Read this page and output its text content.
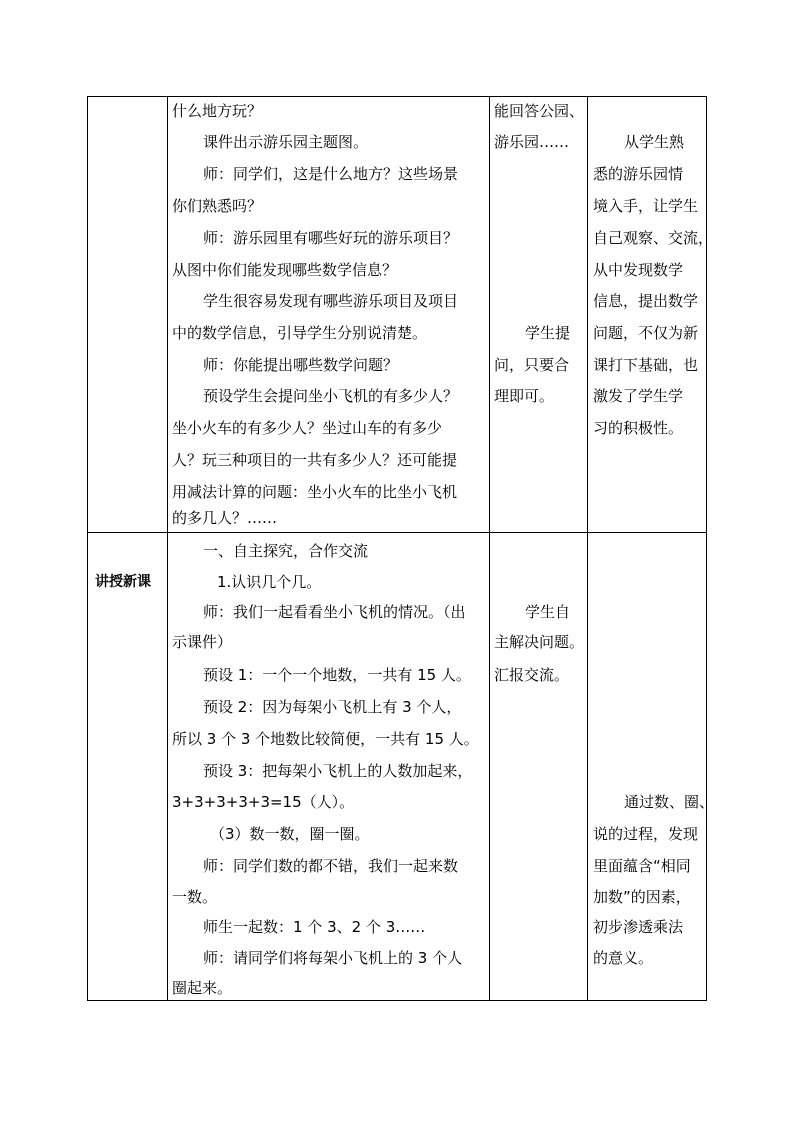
什么地方玩？
课件出示游乐园主题图。
师：同学们，这是什么地方？这些场景
你们熟悉吗？
师：游乐园里有哪些好玩的游乐项目？
从图中你们能发现哪些数学信息？
学生很容易发现有哪些游乐项目及项目
中的数学信息，引导学生分别说清楚。
师：你能提出哪些数学问题？
预设学生会提问坐小飞机的有多少人？
坐小火车的有多少人？坐过山车的有多少
人？玩三种项目的一共有多少人？还可能提
用减法计算的问题：坐小火车的比坐小飞机
的多几人？……
能回答公园、
游乐园……
学生提
问，只要合
理即可。
从学生熟
悉的游乐园情
境入手，让学生
自己观察、交流，
从中发现数学
信息，提出数学
问题，不仅为新
课打下基础，也
激发了学生学
习的积极性。
讲授新课
一、自主探究，合作交流
1.认识几个几。
师：我们一起看看坐小飞机的情况。（出
示课件）
预设 1：一个一个地数，一共有 15 人。
预设 2：因为每架小飞机上有 3 个人，
所以 3 个 3 个地数比较简便，一共有 15 人。
预设 3：把每架小飞机上的人数加起来，
3+3+3+3+3=15（人）。
（3）数一数，圈一圈。
师：同学们数的都不错，我们一起来数
一数。
师生一起数：1 个 3、2 个 3……
师：请同学们将每架小飞机上的 3 个人
圈起来。
学生自
主解决问题。
汇报交流。
通过数、圈、
说的过程，发现
里面蕴含“相同
加数”的因素，
初步渗透乘法
的意义。
